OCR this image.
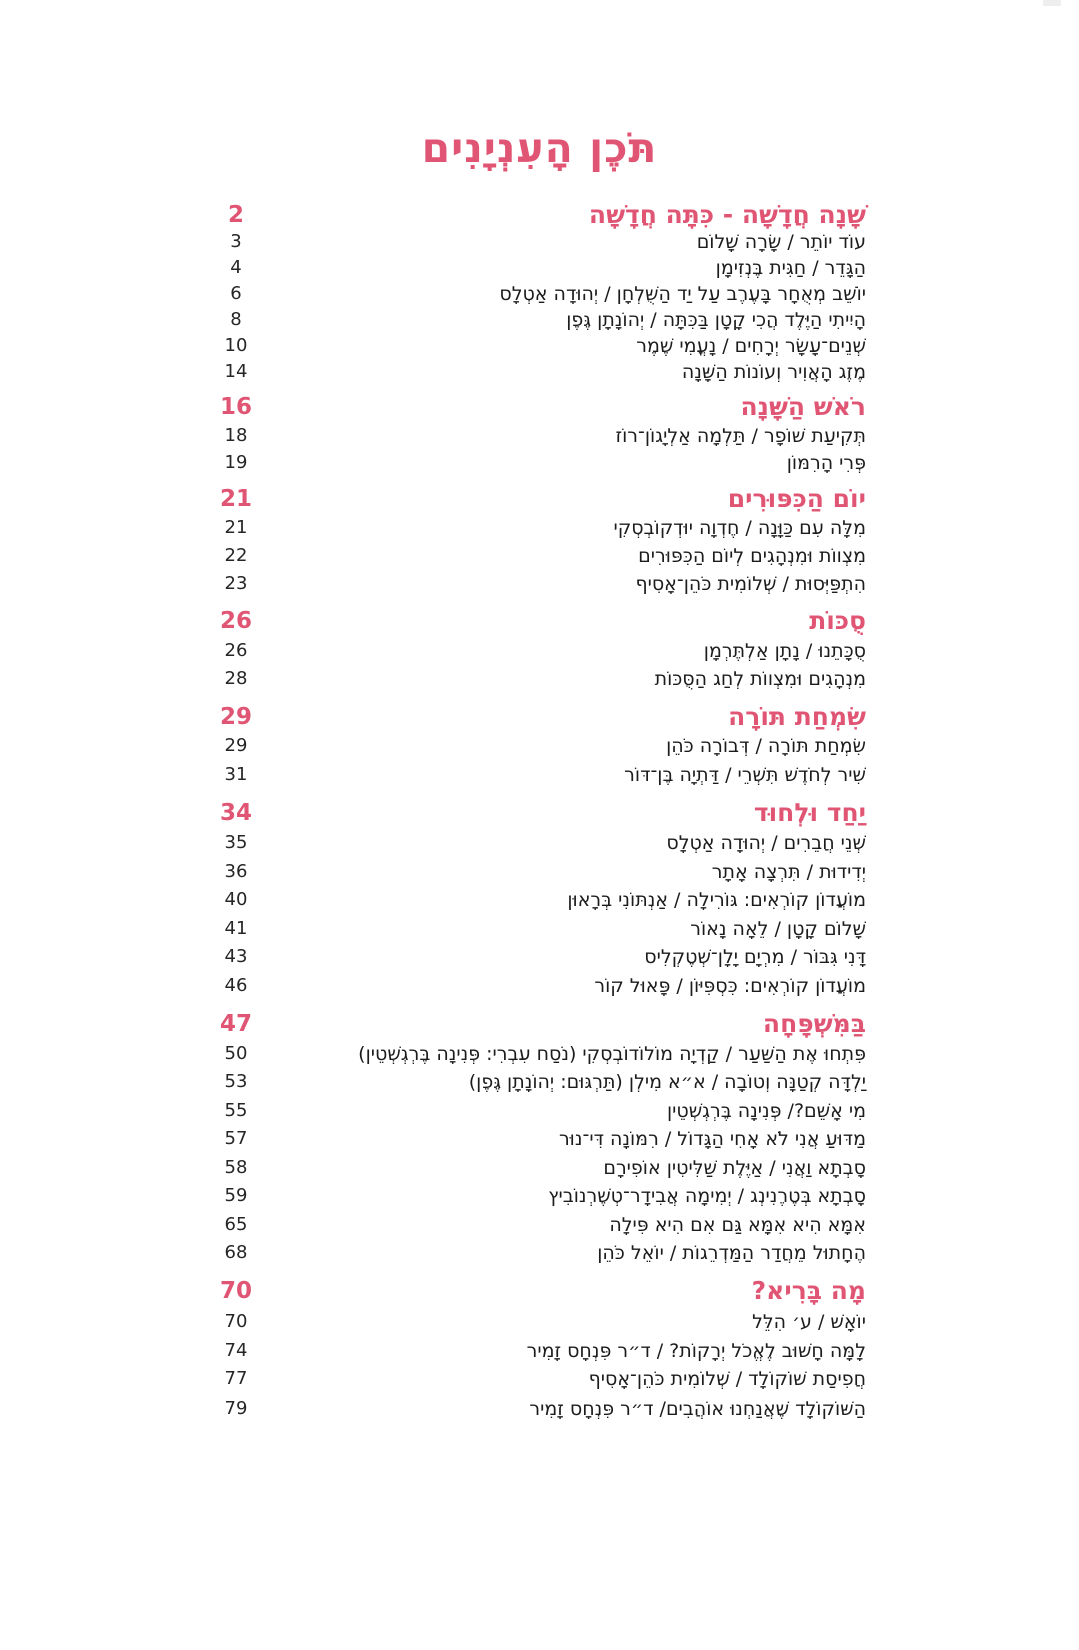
תֹּכֶן הָעִנְיָנִים
2	שָׁנָה חֲדָשָׁה - כִּתָּה חֲדָשָׁה
3	עוֹד יוֹתֵר / שָׂרָה שָׁלוֹם
4	הַגָּדֵר / חַגִּית בֶּנְזִימָן
6	יוֹשֵׁב מְאֻחָר בָּעֶרֶב עַל יַד הַשֻּׁלְחָן / יְהוּדָה אַטְלָס
8	הָיִיתִי הַיֶּלֶד הֲכִי קָטָן בַּכִּתָּה / יְהוֹנָתָן גֶּפֶן
10	שְׁנֵים־עָשָׂר יְרָחִים / נָעֳמִי שֶׁמֶר
14	מֶזֶג הָאֲוִיר וְעוֹנוֹת הַשָּׁנָה
16	רֹאשׁ הַשָּׁנָה
18	תְּקִיעַת שׁוֹפָר / תַּלְמָה אַלְיָגוֹן־רוֹז
19	פְּרִי הָרִמּוֹן
21	יוֹם הַכִּפּוּרִים
21	מִלָּה עִם כַּוָּנָה / חֶדְוָה יוּדְקוֹבְסְקִי
22	מִצְווֹת וּמִנְהָגִים לְיוֹם הַכִּפּוּרִים
23	הִתְפַּיְּסוּת / שְׁלוֹמִית כֹּהֵן־אָסִיף
26	סֻכּוֹת
26	סֻכָּתֵנוּ / נָתָן אַלְתֶּרְמָן
28	מִנְהָגִים וּמִצְווֹת לְחַג הַסֻּכּוֹת
29	שִׂמְחַת תּוֹרָה
29	שִׂמְחַת תּוֹרָה / דְּבוֹרָה כֹּהֵן
31	שִׁיר לְחֹדֶשׁ תִּשְׁרֵי / דַּתְיָה בֶּן־דּוֹר
34	יַחַד וּלְחוּד
35	שְׁנֵי חֲבֵרִים / יְהוּדָה אַטְלָס
36	יְדִידוּת / תִּרְצָה אָתָר
40	מוֹעֲדוֹן קוֹרְאִים: גּוֹרִילָה / אַנְתּוֹנִי בְּרָאוּן
41	שָׁלוֹם קָטָן / לֵאָה נָאוֹר
43	דָּנִי גִּבּוֹר / מִרְיָם יָלָן־שְׁטֶקְלִיס
46	מוֹעֲדוֹן קוֹרְאִים: כִּסְפִּיּוֹן / פָּאוּל קוֹר
47	בַּמִּשְׁפָּחָה
50	פִּתְחוּ אֶת הַשַּׁעַר / קַדְיָה מוֹלוֹדוֹבְסְקִי (נֹסַח עִבְרִי: פְּנִינָה בֶּרְגְשְׁטֵין)
53	יַלְדָּה קְטַנָּה וְטוֹבָה / א״א מִילְן (תַּרְגּוּם: יְהוֹנָתָן גֶּפֶן)
55	מִי אָשֵׁם?/ פְּנִינָה בֶּרְגְשְׁטֵין
57	מַדּוּעַ אֲנִי לֹא אָחִי הַגָּדוֹל / רִמּוֹנָה דִּי־נוּר
58	סָבְתָא וַאֲנִי / אַיֶּלֶת שַׁלִּיטִין אוֹפִירָם
59	סָבְתָא בְּטֶרֶנִינְג / יְמִימָה אֲבִידָר־טְשֶׁרְנוֹבִיץ
65	אִמָּא הִיא אִמָּא גַּם אִם הִיא פִּילָה
68	הֶחָתוּל מֵחֲדַר הַמַּדְרֵגוֹת / יוֹאֵל כֹּהֵן
70	מָה בָּרִיא?
70	יוֹאָשׁ / ע׳ הִלֵּל
74	לָמָּה חָשׁוּב לֶאֱכֹל יְרָקוֹת? / ד״ר פִּנְחָס זָמִיר
77	חֲפִיסַת שׁוֹקוֹלָד / שְׁלוֹמִית כֹּהֵן־אָסִיף
79	הַשּׁוֹקוֹלָד שֶׁאֲנַחְנוּ אוֹהֲבִים/ ד״ר פִּנְחָס זָמִיר
